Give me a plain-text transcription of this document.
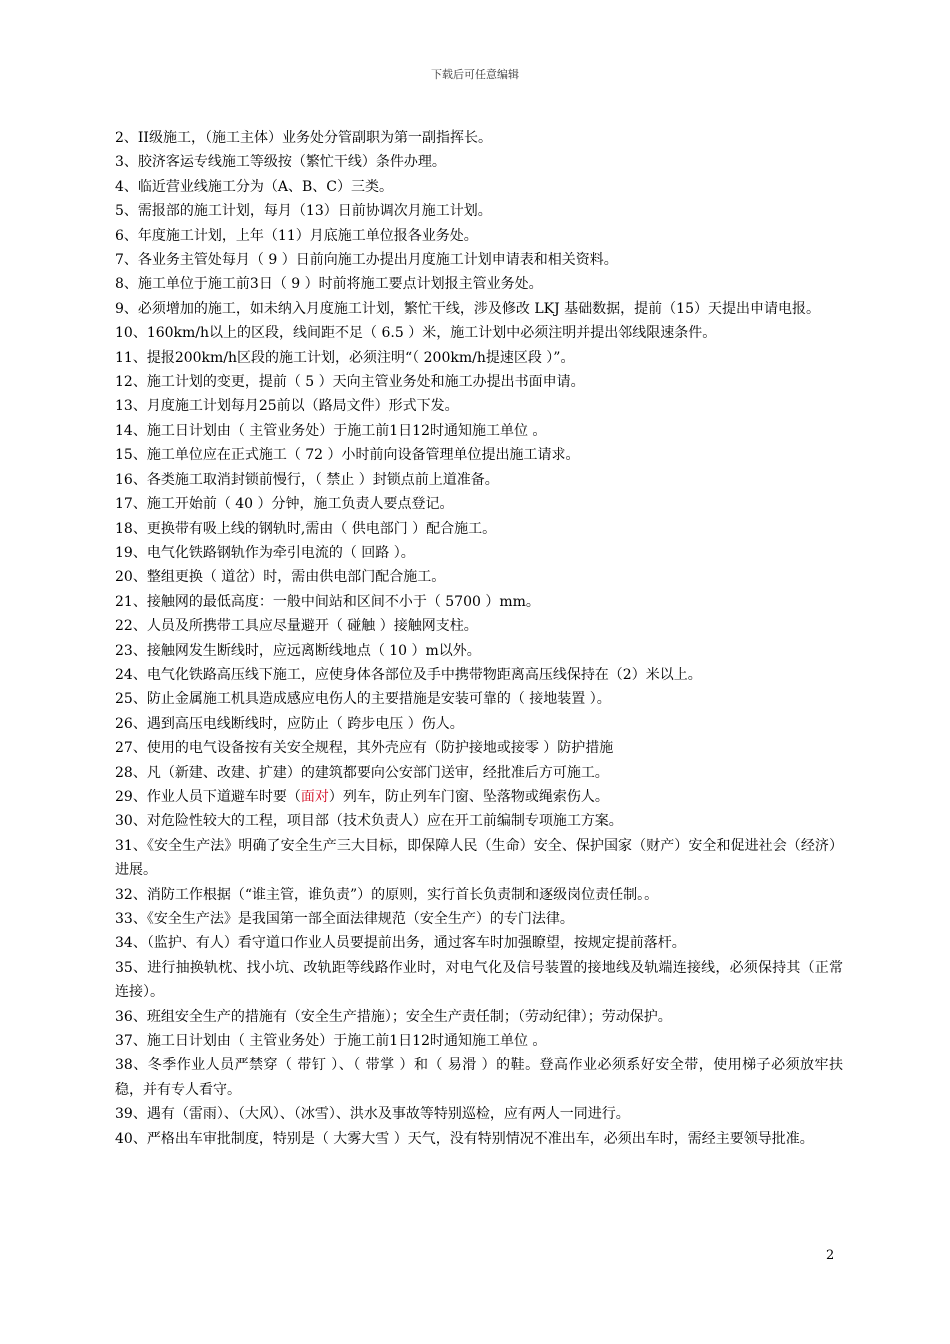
下载后可任意编辑

2、II级施工，（施工主体）业务处分管副职为第一副指挥长。

3、胶济客运专线施工等级按（繁忙干线）条件办理。

4、临近营业线施工分为（A、B、C）三类。

5、需报部的施工计划，每月（13）日前协调次月施工计划。

6、年度施工计划，上年（11）月底施工单位报各业务处。

7、各业务主管处每月（ 9 ）日前向施工办提出月度施工计划申请表和相关资料。

8、施工单位于施工前3日（ 9 ）时前将施工要点计划报主管业务处。

9、必须增加的施工，如未纳入月度施工计划，繁忙干线，涉及修改 LKJ 基础数据，提前（15）天提出申请电报。

10、160km/h以上的区段，线间距不足（ 6.5 ）米，施工计划中必须注明并提出邻线限速条件。

11、提报200km/h区段的施工计划，必须注明“（ 200km/h提速区段 ）”。

12、施工计划的变更，提前（ 5 ）天向主管业务处和施工办提出书面申请。

13、月度施工计划每月25前以（路局文件）形式下发。

14、施工日计划由（ 主管业务处）于施工前1日12时通知施工单位 。

15、施工单位应在正式施工（ 72 ）小时前向设备管理单位提出施工请求。

16、各类施工取消封锁前慢行，（ 禁止 ）封锁点前上道准备。

17、施工开始前（ 40 ）分钟，施工负责人要点登记。

18、更换带有吸上线的钢轨时,需由（ 供电部门 ）配合施工。

19、电气化铁路钢轨作为牵引电流的（ 回路 ）。

20、整组更换（ 道岔）时，需由供电部门配合施工。

21、接触网的最低高度：一般中间站和区间不小于（ 5700 ）mm。

22、人员及所携带工具应尽量避开（ 碰触 ）接触网支柱。

23、接触网发生断线时，应远离断线地点（ 10 ）m以外。

24、电气化铁路高压线下施工，应使身体各部位及手中携带物距离高压线保持在（2）米以上。

25、防止金属施工机具造成感应电伤人的主要措施是安装可靠的（ 接地装置 ）。

26、遇到高压电线断线时，应防止（ 跨步电压 ）伤人。

27、使用的电气设备按有关安全规程，其外壳应有（防护接地或接零 ）防护措施

28、凡（新建、改建、扩建）的建筑都要向公安部门送审，经批准后方可施工。

29、作业人员下道避车时要（面对）列车，防止列车门窗、坠落物或绳索伤人。

30、对危险性较大的工程，项目部（技术负责人）应在开工前编制专项施工方案。

31、《安全生产法》明确了安全生产三大目标，即保障人民（生命）安全、保护国家（财产）安全和促进社会（经济）进展。

32、消防工作根据（“谁主管，谁负责”）的原则，实行首长负责制和逐级岗位责任制。。

33、《安全生产法》是我国第一部全面法律规范（安全生产）的专门法律。

34、（监护、有人）看守道口作业人员要提前出务，通过客车时加强瞭望，按规定提前落杆。

35、进行抽换轨枕、找小坑、改轨距等线路作业时，对电气化及信号装置的接地线及轨端连接线，必须保持其（正常连接）。

36、班组安全生产的措施有（安全生产措施）；安全生产责任制；（劳动纪律）；劳动保护。

37、施工日计划由（ 主管业务处）于施工前1日12时通知施工单位 。

38、冬季作业人员严禁穿（ 带钉 ）、（ 带掌 ）和（ 易滑 ）的鞋。登高作业必须系好安全带，使用梯子必须放牢扶稳，并有专人看守。

39、遇有（雷雨）、（大风）、（冰雪）、洪水及事故等特别巡检，应有两人一同进行。

40、严格出车审批制度，特别是（ 大雾大雪 ）天气，没有特别情况不准出车，必须出车时，需经主要领导批准。

2
